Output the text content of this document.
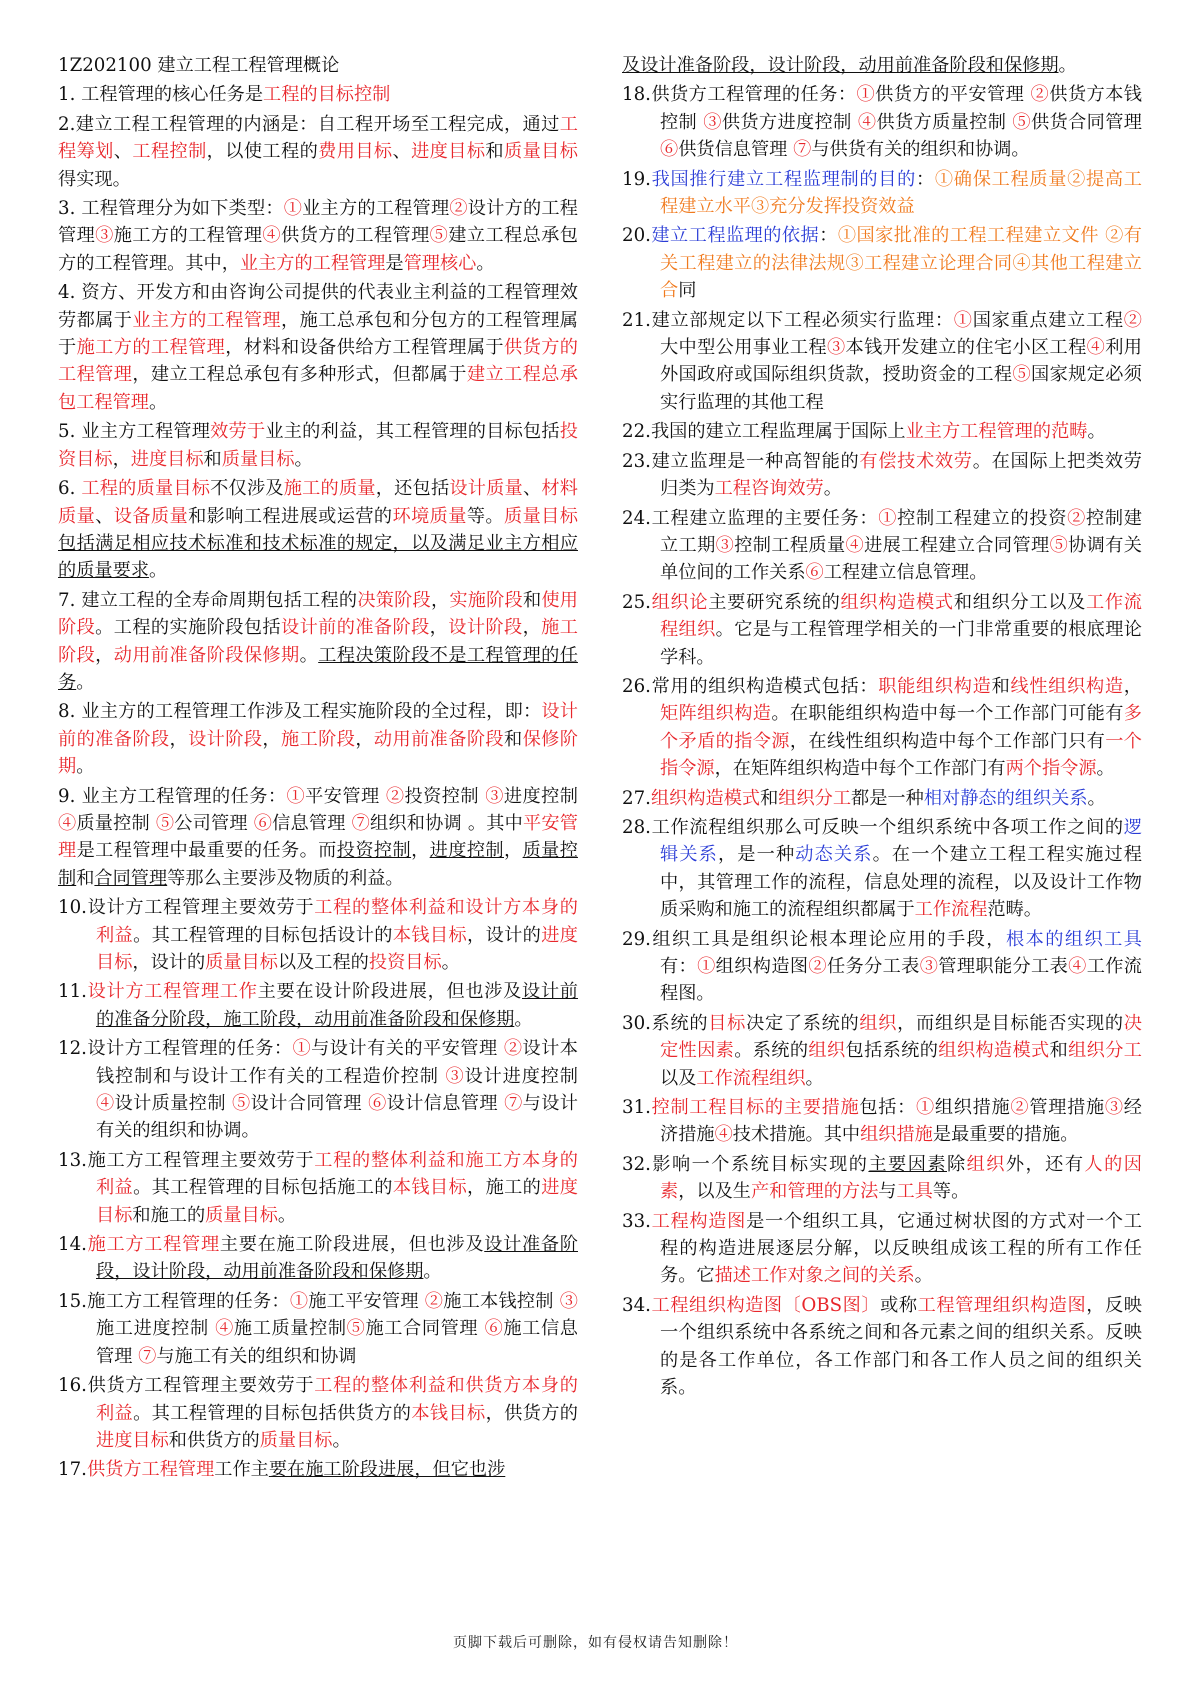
1Z202100 建立工程工程管理概论
1. 工程管理的核心任务是工程的目标控制
2.建立工程工程管理的内涵是：自工程开场至工程完成，通过工程筹划、工程控制，以使工程的费用目标、进度目标和质量目标得实现。
3. 工程管理分为如下类型：①业主方的工程管理②设计方的工程管理③施工方的工程管理④供货方的工程管理⑤建立工程总承包方的工程管理。其中，业主方的工程管理是管理核心。
4. 资方、开发方和由咨询公司提供的代表业主利益的工程管理效劳都属于业主方的工程管理，施工总承包和分包方的工程管理属于施工方的工程管理，材料和设备供给方工程管理属于供货方的工程管理，建立工程总承包有多种形式，但都属于建立工程总承包工程管理。
5. 业主方工程管理效劳于业主的利益，其工程管理的目标包括投资目标，进度目标和质量目标。
6. 工程的质量目标不仅涉及施工的质量，还包括设计质量、材料质量、设备质量和影响工程进展或运营的环境质量等。质量目标包括满足相应技术标准和技术标准的规定，以及满足业主方相应的质量要求。
7. 建立工程的全寿命周期包括工程的决策阶段，实施阶段和使用阶段。工程的实施阶段包括设计前的准备阶段，设计阶段，施工阶段，动用前准备阶段保修期。工程决策阶段不是工程管理的任务。
8. 业主方的工程管理工作涉及工程实施阶段的全过程，即：设计前的准备阶段，设计阶段，施工阶段，动用前准备阶段和保修阶期。
9. 业主方工程管理的任务：①平安管理 ②投资控制 ③进度控制 ④质量控制 ⑤公司管理 ⑥信息管理 ⑦组织和协调 。其中平安管理是工程管理中最重要的任务。而投资控制，进度控制，质量控制和合同管理等那么主要涉及物质的利益。
10.设计方工程管理主要效劳于工程的整体利益和设计方本身的利益。其工程管理的目标包括设计的本钱目标，设计的进度目标，设计的质量目标以及工程的投资目标。
11.设计方工程管理工作主要在设计阶段进展，但也涉及设计前的准备分阶段，施工阶段，动用前准备阶段和保修期。
12.设计方工程管理的任务：①与设计有关的平安管理 ②设计本钱控制和与设计工作有关的工程造价控制 ③设计进度控制 ④设计质量控制 ⑤设计合同管理 ⑥设计信息管理 ⑦与设计有关的组织和协调。
13.施工方工程管理主要效劳于工程的整体利益和施工方本身的利益。其工程管理的目标包括施工的本钱目标，施工的进度目标和施工的质量目标。
14.施工方工程管理主要在施工阶段进展，但也涉及设计准备阶段，设计阶段，动用前准备阶段和保修期。
15.施工方工程管理的任务：①施工平安管理 ②施工本钱控制 ③施工进度控制 ④施工质量控制⑤施工合同管理 ⑥施工信息管理 ⑦与施工有关的组织和协调
16.供货方工程管理主要效劳于工程的整体利益和供货方本身的利益。其工程管理的目标包括供货方的本钱目标，供货方的进度目标和供货方的质量目标。
17.供货方工程管理工作主要在施工阶段进展，但它也涉
及设计准备阶段，设计阶段，动用前准备阶段和保修期。
18.供货方工程管理的任务：①供货方的平安管理 ②供货方本钱控制 ③供货方进度控制 ④供货方质量控制 ⑤供货合同管理 ⑥供货信息管理 ⑦与供货有关的组织和协调。
19.我国推行建立工程监理制的目的：①确保工程质量②提高工程建立水平③充分发挥投资效益
20.建立工程监理的依据：①国家批准的工程工程建立文件 ②有关工程建立的法律法规③工程建立论理合同④其他工程建立合同
21.建立部规定以下工程必须实行监理：①国家重点建立工程②大中型公用事业工程③本钱开发建立的住宅小区工程④利用外国政府或国际组织货款，授助资金的工程⑤国家规定必须实行监理的其他工程
22.我国的建立工程监理属于国际上业主方工程管理的范畴。
23.建立监理是一种高智能的有偿技术效劳。在国际上把类效劳归类为工程咨询效劳。
24.工程建立监理的主要任务：①控制工程建立的投资②控制建立工期③控制工程质量④进展工程建立合同管理⑤协调有关单位间的工作关系⑥工程建立信息管理。
25.组织论主要研究系统的组织构造模式和组织分工以及工作流程组织。它是与工程管理学相关的一门非常重要的根底理论学科。
26.常用的组织构造模式包括：职能组织构造和线性组织构造，矩阵组织构造。在职能组织构造中每一个工作部门可能有多个矛盾的指令源，在线性组织构造中每个工作部门只有一个指令源，在矩阵组织构造中每个工作部门有两个指令源。
27.组织构造模式和组织分工都是一种相对静态的组织关系。
28.工作流程组织那么可反映一个组织系统中各项工作之间的逻辑关系，是一种动态关系。在一个建立工程工程实施过程中，其管理工作的流程，信息处理的流程，以及设计工作物质采购和施工的流程组织都属于工作流程范畴。
29.组织工具是组织论根本理论应用的手段，根本的组织工具有：①组织构造图②任务分工表③管理职能分工表④工作流程图。
30.系统的目标决定了系统的组织，而组织是目标能否实现的决定性因素。系统的组织包括系统的组织构造模式和组织分工以及工作流程组织。
31.控制工程目标的主要措施包括：①组织措施②管理措施③经济措施④技术措施。其中组织措施是最重要的措施。
32.影响一个系统目标实现的主要因素除组织外，还有人的因素，以及生产和管理的方法与工具等。
33.工程构造图是一个组织工具，它通过树状图的方式对一个工程的构造进展逐层分解，以反映组成该工程的所有工作任务。它描述工作对象之间的关系。
34.工程组织构造图〔OBS图〕或称工程管理组织构造图，反映一个组织系统中各系统之间和各元素之间的组织关系。反映的是各工作单位，各工作部门和各工作人员之间的组织关系。
页脚下载后可删除，如有侵权请告知删除！
